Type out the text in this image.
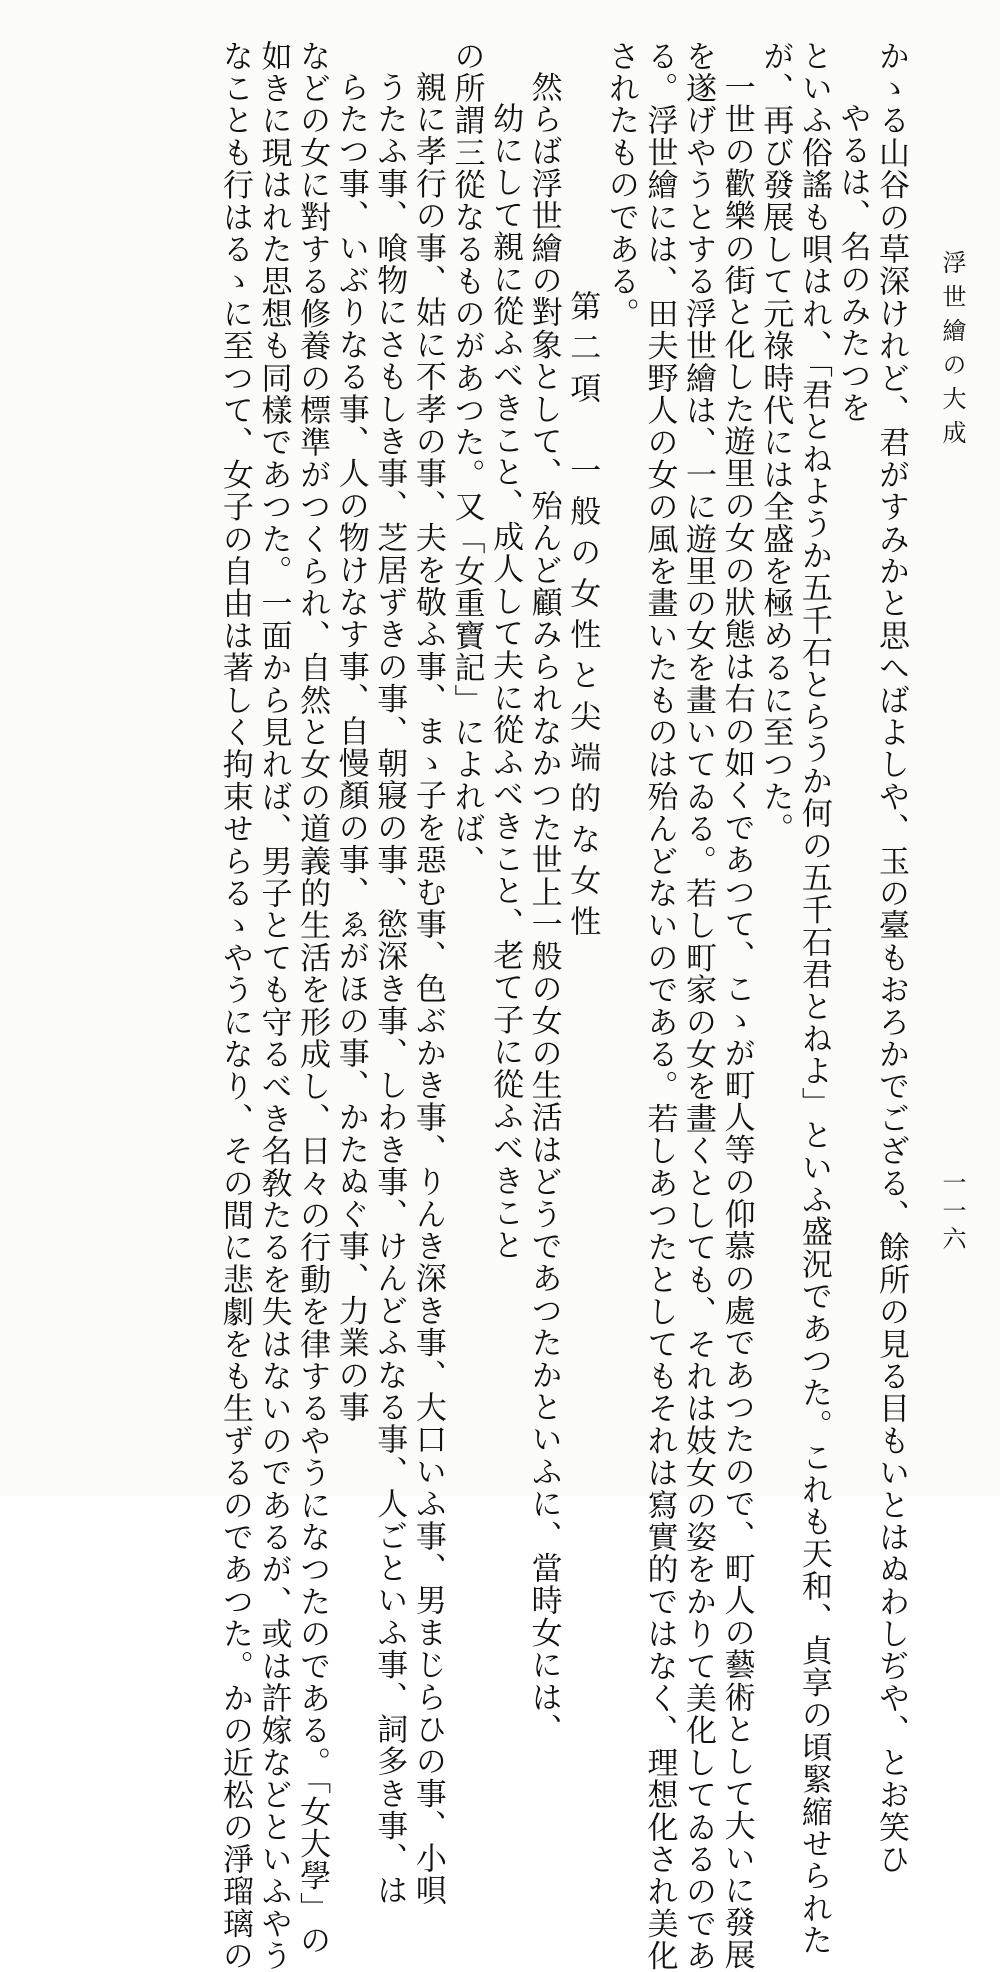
浮世繪の大成
一一六

かゝる山谷の草深けれど、君がすみかと思へばよしや、玉の臺もおろかでござる、餘所の見る目もいとはぬわしぢや、とお笑ひ

やるは、名のみたつを

といふ俗謠も唄はれ、「君とねようか五千石とらうか何の五千石君とねよ」といふ盛況であつた。これも天和、貞享の頃緊縮せられた

が、再び發展して元祿時代には全盛を極めるに至つた。

一世の歡樂の街と化した遊里の女の狀態は右の如くであつて、こゝが町人等の仰慕の處であつたので、町人の藝術として大いに發展

を遂げやうとする浮世繪は、一に遊里の女を畫いてゐる。若し町家の女を畫くとしても、それは妓女の姿をかりて美化してゐるのであ

る。浮世繪には、田夫野人の女の風を畫いたものは殆んどないのである。若しあつたとしてもそれは寫實的ではなく、理想化され美化

されたものである。

第二項　一般の女性と尖端的な女性

然らば浮世繪の對象として、殆んど顧みられなかつた世上一般の女の生活はどうであつたかといふに、當時女には、

幼にして親に從ふべきこと、成人して夫に從ふべきこと、老て子に從ふべきこと

の所謂三從なるものがあつた。又「女重寶記」によれば、

親に孝行の事、姑に不孝の事、夫を敬ふ事、まゝ子を惡む事、色ぶかき事、りんき深き事、大口いふ事、男まじらひの事、小唄

うたふ事、喰物にさもしき事、芝居ずきの事、朝寢の事、慾深き事、しわき事、けんどふなる事、人ごといふ事、詞多き事、は

らたつ事、いぶりなる事、人の物けなす事、自慢顏の事、ゑがほの事、かたぬぐ事、力業の事

などの女に對する修養の標準がつくられ、自然と女の道義的生活を形成し、日々の行動を律するやうになつたのである。「女大學」の

如きに現はれた思想も同樣であつた。一面から見れば、男子とても守るべき名敎たるを失はないのであるが、或は許嫁などといふやう

なことも行はるゝに至つて、女子の自由は著しく拘束せらるゝやうになり、その間に悲劇をも生ずるのであつた。かの近松の淨瑠璃の
